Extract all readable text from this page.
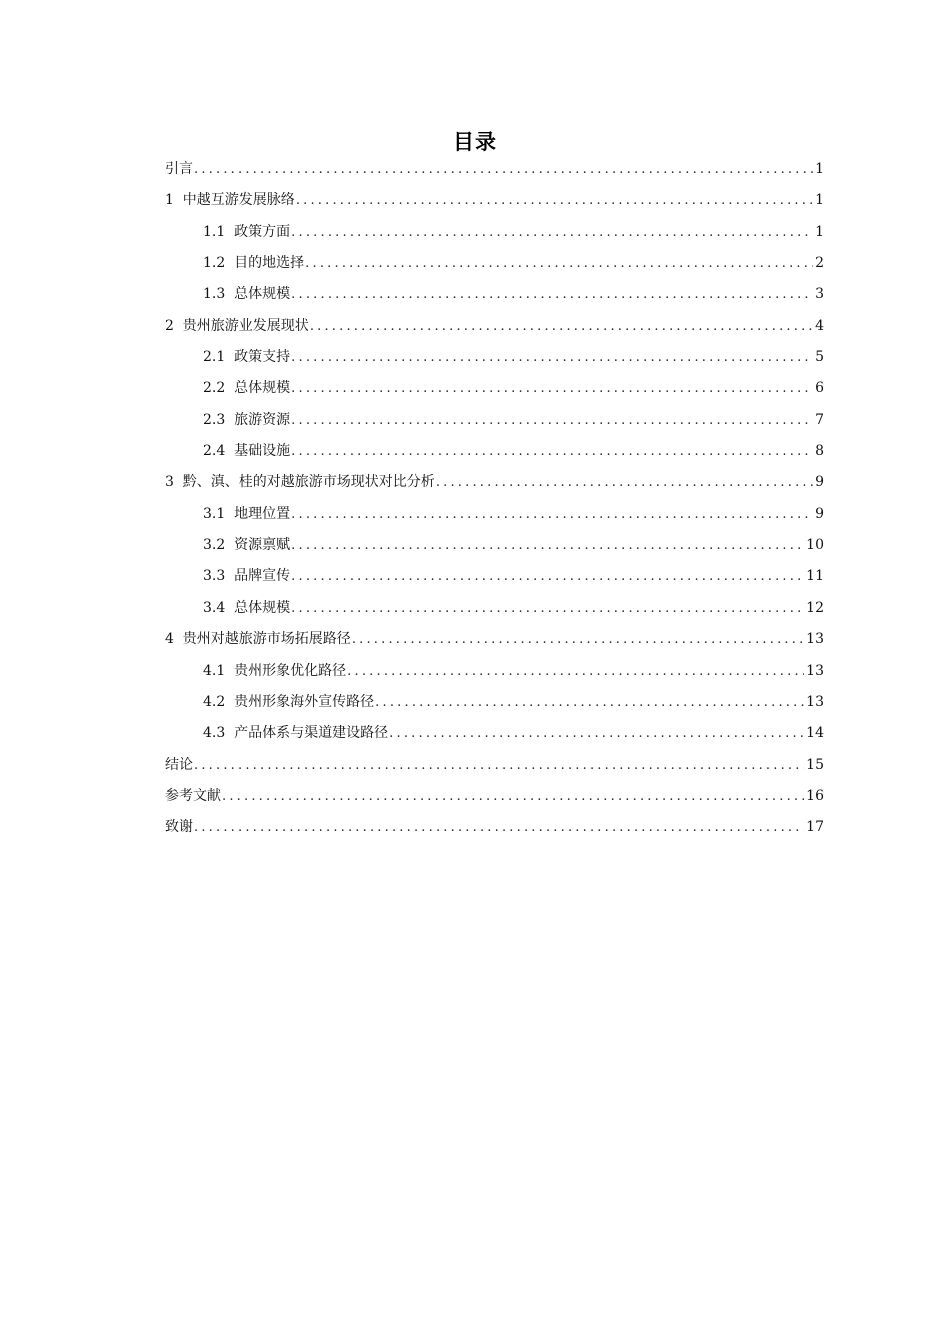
目录
引言 .....	1
1  中越互游发展脉络 .....	1
1.1  政策方面 .....	1
1.2  目的地选择 .....	2
1.3  总体规模 .....	3
2  贵州旅游业发展现状 .....	4
2.1  政策支持 .....	5
2.2  总体规模 .....	6
2.3  旅游资源 .....	7
2.4  基础设施 .....	8
3  黔、滇、桂的对越旅游市场现状对比分析 .....	9
3.1  地理位置 .....	9
3.2  资源禀赋 .....	10
3.3  品牌宣传 .....	11
3.4  总体规模 .....	12
4  贵州对越旅游市场拓展路径 .....	13
4.1  贵州形象优化路径 .....	13
4.2  贵州形象海外宣传路径 .....	13
4.3  产品体系与渠道建设路径 .....	14
结论 .....	15
参考文献 .....	16
致谢 .....	17
